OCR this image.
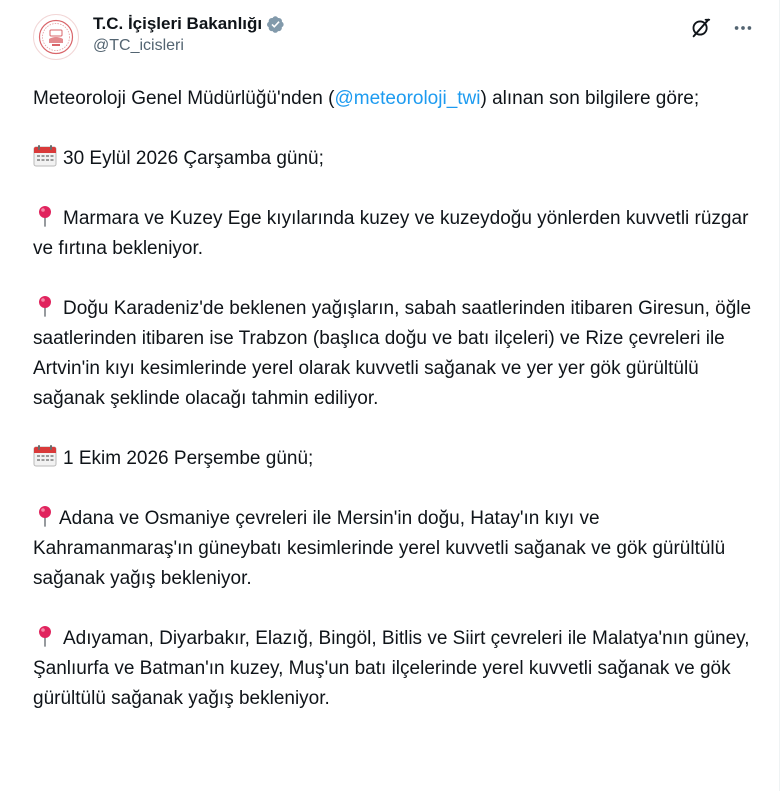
T.C. İçişleri Bakanlığı
@TC_icisleri

Meteoroloji Genel Müdürlüğü'nden (@meteoroloji_twi) alınan son bilgilere göre;

30 Eylül 2026 Çarşamba günü;

Marmara ve Kuzey Ege kıyılarında kuzey ve kuzeydoğu yönlerden kuvvetli rüzgar ve fırtına bekleniyor.

Doğu Karadeniz'de beklenen yağışların, sabah saatlerinden itibaren Giresun, öğle saatlerinden itibaren ise Trabzon (başlıca doğu ve batı ilçeleri) ve Rize çevreleri ile Artvin'in kıyı kesimlerinde yerel olarak kuvvetli sağanak ve yer yer gök gürültülü sağanak şeklinde olacağı tahmin ediliyor.

1 Ekim 2026 Perşembe günü;

Adana ve Osmaniye çevreleri ile Mersin'in doğu, Hatay'ın kıyı ve Kahramanmaraş'ın güneybatı kesimlerinde yerel kuvvetli sağanak ve gök gürültülü sağanak yağış bekleniyor.

Adıyaman, Diyarbakır, Elazığ, Bingöl, Bitlis ve Siirt çevreleri ile Malatya'nın güney, Şanlıurfa ve Batman'ın kuzey, Muş'un batı ilçelerinde yerel kuvvetli sağanak ve gök gürültülü sağanak yağış bekleniyor.
